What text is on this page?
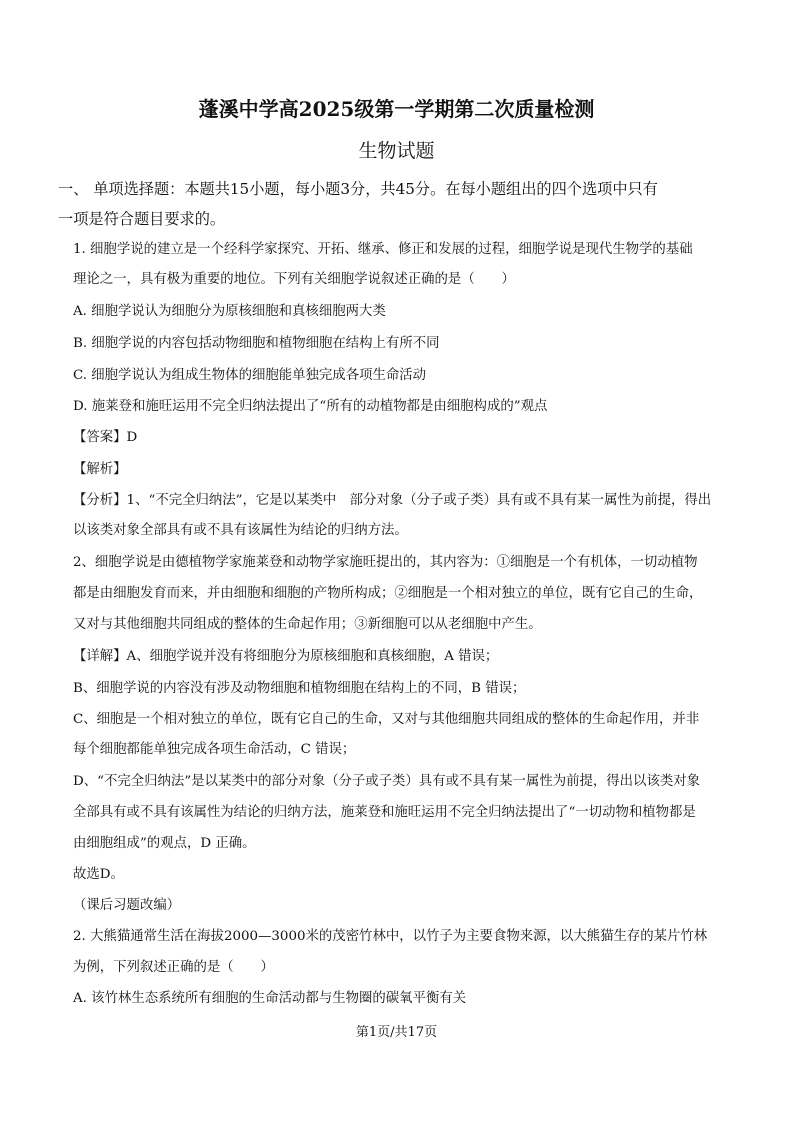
蓬溪中学高2025级第一学期第二次质量检测
生物试题
一、 单项选择题：本题共15小题，每小题3分，共45分。在每小题组出的四个选项中只有
一项是符合题目要求的。
1. 细胞学说的建立是一个经科学家探究、开拓、继承、修正和发展的过程，细胞学说是现代生物学的基础
理论之一，具有极为重要的地位。下列有关细胞学说叙述正确的是（　　）
A. 细胞学说认为细胞分为原核细胞和真核细胞两大类
B. 细胞学说的内容包括动物细胞和植物细胞在结构上有所不同
C. 细胞学说认为组成生物体的细胞能单独完成各项生命活动
D. 施莱登和施旺运用不完全归纳法提出了“所有的动植物都是由细胞构成的”观点
【答案】D
【解析】
【分析】1、“不完全归纳法”，它是以某类中　部分对象（分子或子类）具有或不具有某一属性为前提，得出
以该类对象全部具有或不具有该属性为结论的归纳方法。
2、细胞学说是由德植物学家施莱登和动物学家施旺提出的，其内容为：①细胞是一个有机体，一切动植物
都是由细胞发育而来，并由细胞和细胞的产物所构成；②细胞是一个相对独立的单位，既有它自己的生命，
又对与其他细胞共同组成的整体的生命起作用；③新细胞可以从老细胞中产生。
【详解】A、细胞学说并没有将细胞分为原核细胞和真核细胞，A 错误；
B、细胞学说的内容没有涉及动物细胞和植物细胞在结构上的不同，B 错误；
C、细胞是一个相对独立的单位，既有它自己的生命，又对与其他细胞共同组成的整体的生命起作用，并非
每个细胞都能单独完成各项生命活动，C 错误；
D、“不完全归纳法”是以某类中的部分对象（分子或子类）具有或不具有某一属性为前提，得出以该类对象
全部具有或不具有该属性为结论的归纳方法，施莱登和施旺运用不完全归纳法提出了“一切动物和植物都是
由细胞组成”的观点，D 正确。
故选D。
（课后习题改编）
2. 大熊猫通常生活在海拔2000—3000米的茂密竹林中，以竹子为主要食物来源，以大熊猫生存的某片竹林
为例，下列叙述正确的是（　　）
A. 该竹林生态系统所有细胞的生命活动都与生物圈的碳氧平衡有关
第1页/共17页
